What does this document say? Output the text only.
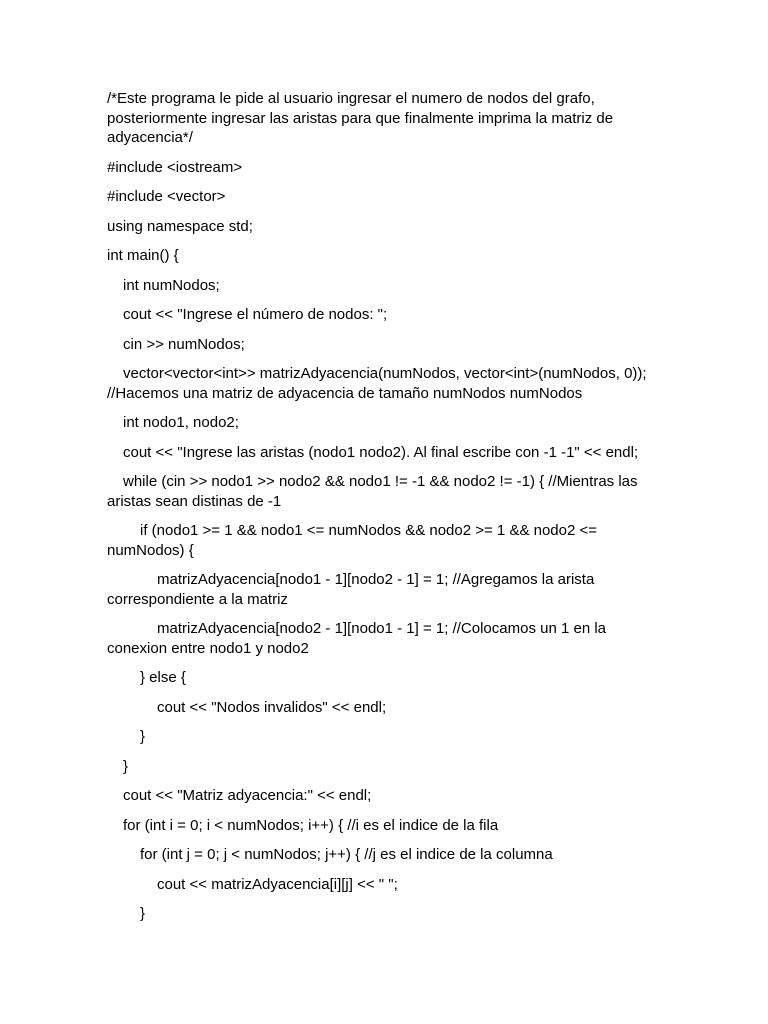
/*Este programa le pide al usuario ingresar el numero de nodos del grafo, posteriormente ingresar las aristas para que finalmente imprima la matriz de adyacencia*/

#include <iostream>

#include <vector>

using namespace std;

int main() {

int numNodos;

cout << "Ingrese el número de nodos: ";

cin >> numNodos;

vector<vector<int>> matrizAdyacencia(numNodos, vector<int>(numNodos, 0)); //Hacemos una matriz de adyacencia de tamaño numNodos numNodos

int nodo1, nodo2;

cout << "Ingrese las aristas (nodo1 nodo2). Al final escribe con -1 -1" << endl;

while (cin >> nodo1 >> nodo2 && nodo1 != -1 && nodo2 != -1) { //Mientras las aristas sean distinas de -1

if (nodo1 >= 1 && nodo1 <= numNodos && nodo2 >= 1 && nodo2 <= numNodos) {

matrizAdyacencia[nodo1 - 1][nodo2 - 1] = 1; //Agregamos la arista correspondiente a la matriz

matrizAdyacencia[nodo2 - 1][nodo1 - 1] = 1; //Colocamos un 1 en la conexion entre nodo1 y nodo2

} else {

cout << "Nodos invalidos" << endl;

}

}

cout << "Matriz adyacencia:" << endl;

for (int i = 0; i < numNodos; i++) { //i es el indice de la fila

for (int j = 0; j < numNodos; j++) { //j es el indice de la columna

cout << matrizAdyacencia[i][j] << " ";

}
